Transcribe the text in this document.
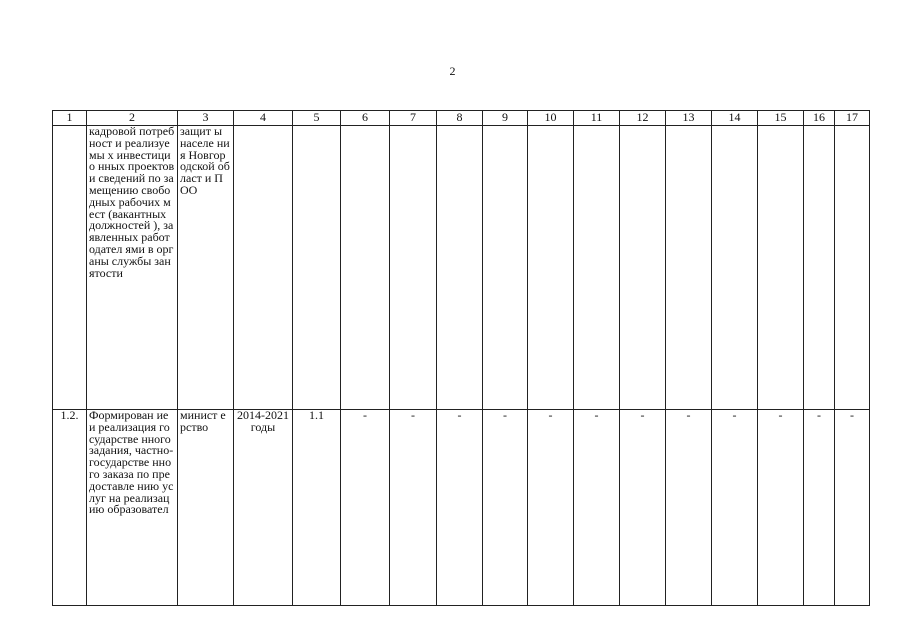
2
1	2	3	4	5	6	7	8	9	10	11	12	13	14	15	16	17
	кадровой потребност и реализуемы х инвестицио нных проектов и сведений по замещению свободных рабочих мест (вакантных должностей ), заявленных работодател ями в органы службы занятости	защит ы населе ния Новгор одской област и ПОО														
1.2.	Формирован ие и реализация государстве нного задания, частно-государстве нного заказа по предоставле нию услуг на реализацию образовател	минист ерство	2014-2021 годы	1.1	-	-	-	-	-	-	-	-	-	-	-	-
